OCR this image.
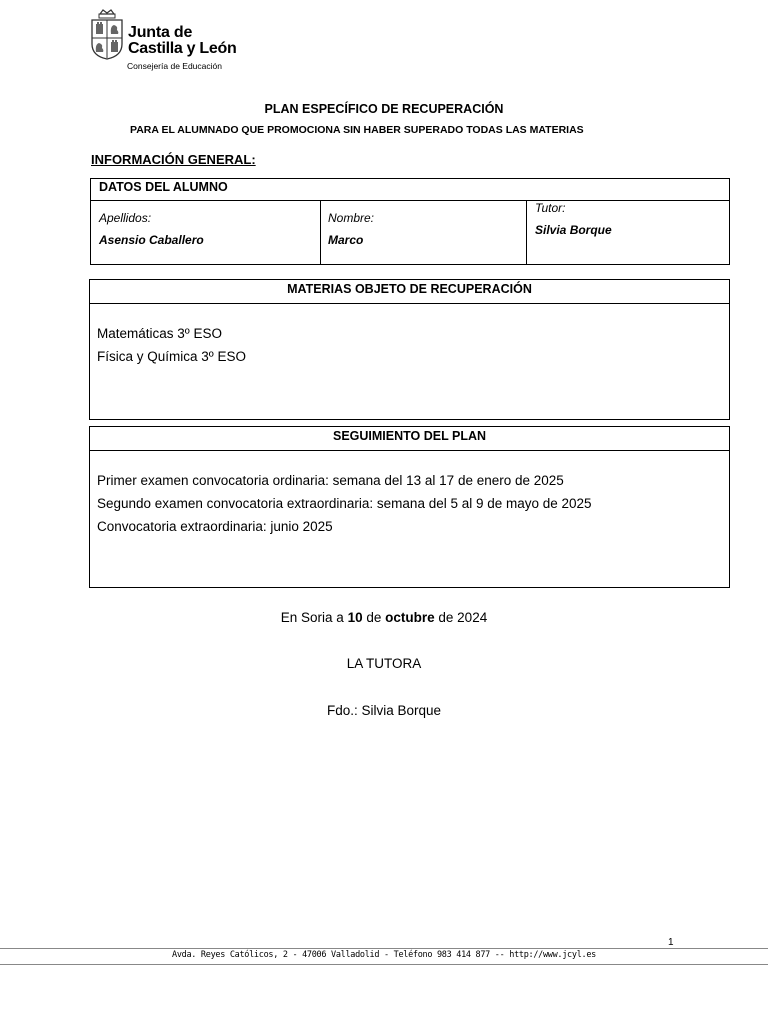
Junta de
Castilla y León
Consejería de Educación
PLAN ESPECÍFICO DE RECUPERACIÓN
PARA EL ALUMNADO QUE PROMOCIONA SIN HABER SUPERADO TODAS LAS MATERIAS
INFORMACIÓN GENERAL:
DATOS DEL ALUMNO
Apellidos:
Asensio Caballero
Nombre:
Marco
Tutor:
Silvia Borque
MATERIAS OBJETO DE RECUPERACIÓN
Matemáticas 3º ESO
Física y Química 3º ESO
SEGUIMIENTO DEL PLAN
Primer examen convocatoria ordinaria: semana del 13 al 17 de enero de 2025
Segundo examen convocatoria extraordinaria: semana del 5 al 9 de mayo de 2025
Convocatoria extraordinaria: junio 2025
En Soria a 10 de octubre de 2024
LA TUTORA
Fdo.: Silvia Borque
1
Avda. Reyes Católicos, 2 - 47006 Valladolid - Teléfono 983 414 877 -- http://www.jcyl.es
